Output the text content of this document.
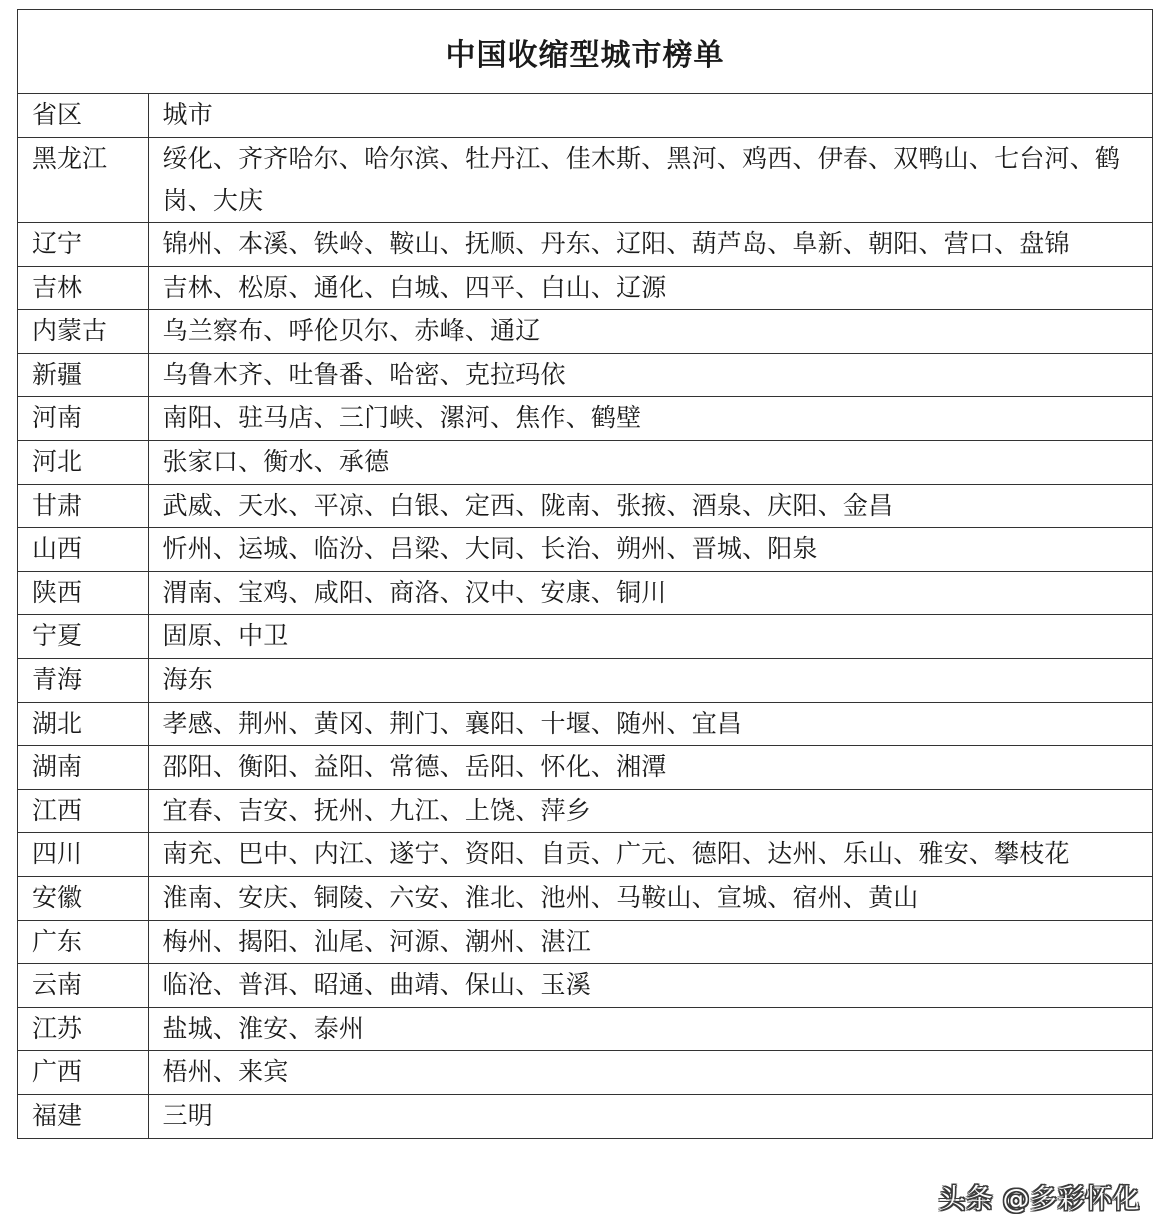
中国收缩型城市榜单
省区	城市
黑龙江	绥化、齐齐哈尔、哈尔滨、牡丹江、佳木斯、黑河、鸡西、伊春、双鸭山、七台河、鹤岗、大庆
辽宁	锦州、本溪、铁岭、鞍山、抚顺、丹东、辽阳、葫芦岛、阜新、朝阳、营口、盘锦
吉林	吉林、松原、通化、白城、四平、白山、辽源
内蒙古	乌兰察布、呼伦贝尔、赤峰、通辽
新疆	乌鲁木齐、吐鲁番、哈密、克拉玛依
河南	南阳、驻马店、三门峡、漯河、焦作、鹤壁
河北	张家口、衡水、承德
甘肃	武威、天水、平凉、白银、定西、陇南、张掖、酒泉、庆阳、金昌
山西	忻州、运城、临汾、吕梁、大同、长治、朔州、晋城、阳泉
陕西	渭南、宝鸡、咸阳、商洛、汉中、安康、铜川
宁夏	固原、中卫
青海	海东
湖北	孝感、荆州、黄冈、荆门、襄阳、十堰、随州、宜昌
湖南	邵阳、衡阳、益阳、常德、岳阳、怀化、湘潭
江西	宜春、吉安、抚州、九江、上饶、萍乡
四川	南充、巴中、内江、遂宁、资阳、自贡、广元、德阳、达州、乐山、雅安、攀枝花
安徽	淮南、安庆、铜陵、六安、淮北、池州、马鞍山、宣城、宿州、黄山
广东	梅州、揭阳、汕尾、河源、潮州、湛江
云南	临沧、普洱、昭通、曲靖、保山、玉溪
江苏	盐城、淮安、泰州
广西	梧州、来宾
福建	三明
头条 @多彩怀化
